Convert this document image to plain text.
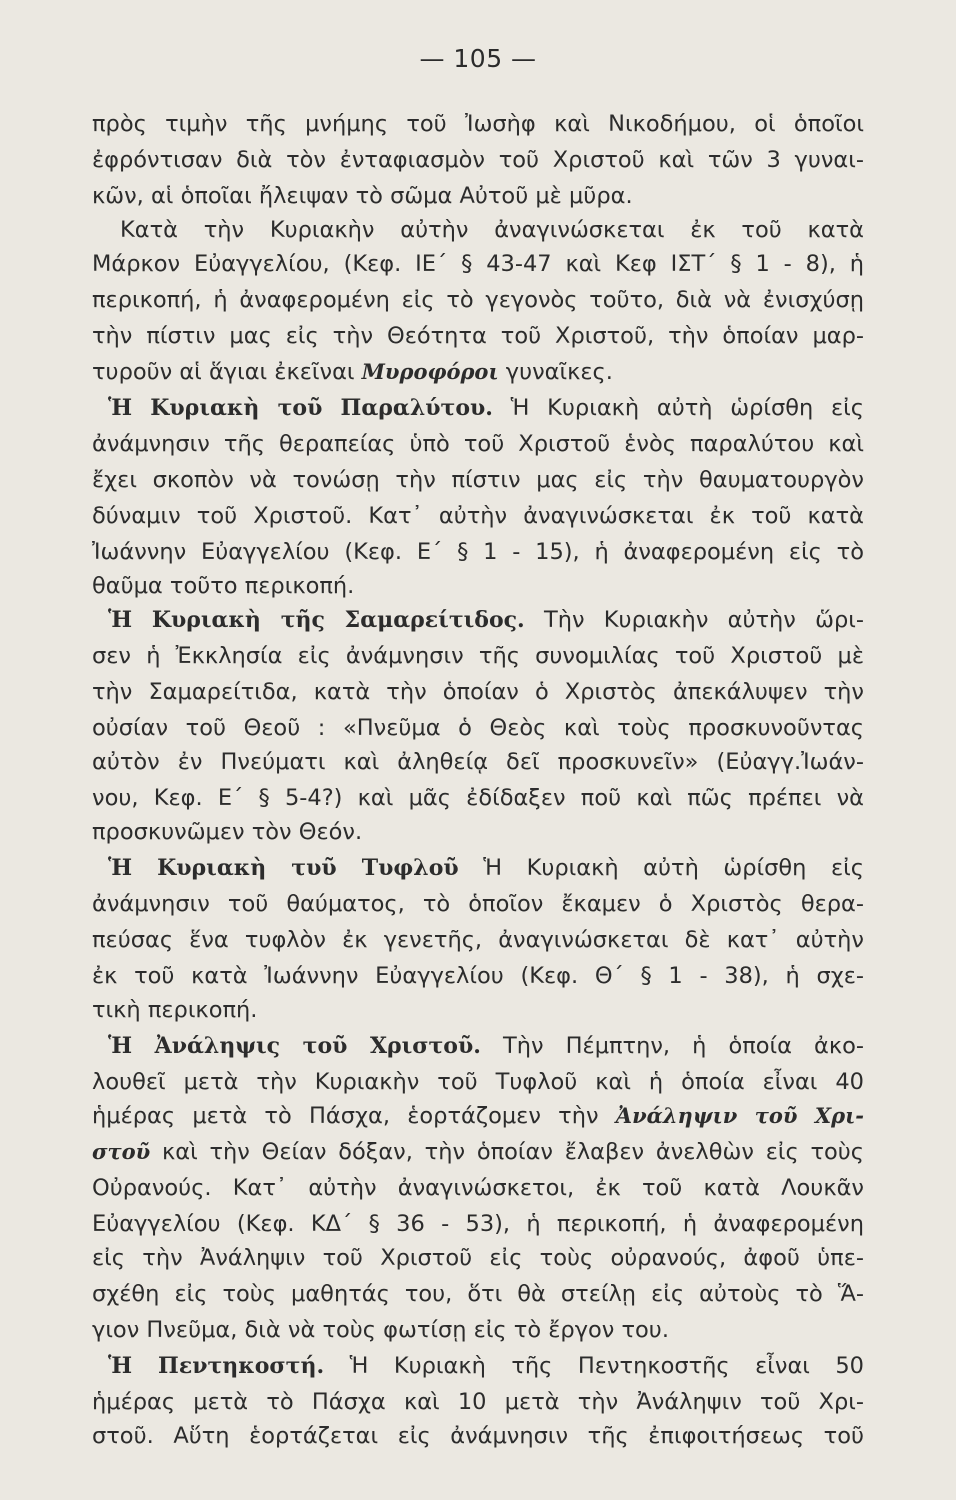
— 105 —
πρὸς τιμὴν τῆς μνήμης τοῦ Ἰωσὴφ καὶ Νικοδήμου, οἱ ὁποῖοι
ἐφρόντισαν διὰ τὸν ἐνταφιασμὸν τοῦ Χριστοῦ καὶ τῶν 3 γυναι-
κῶν, αἱ ὁποῖαι ἤλειψαν τὸ σῶμα Αὐτοῦ μὲ μῦρα.
Κατὰ τὴν Κυριακὴν αὐτὴν ἀναγινώσκεται ἐκ τοῦ κατὰ
Μάρκον Εὐαγγελίου, (Κεφ. ΙΕ΄ § 43-47 καὶ Κεφ ΙΣΤ΄ § 1 - 8), ἡ
περικοπή, ἡ ἀναφερομένη εἰς τὸ γεγονὸς τοῦτο, διὰ νὰ ἐνισχύσῃ
τὴν πίστιν μας εἰς τὴν Θεότητα τοῦ Χριστοῦ, τὴν ὁποίαν μαρ-
τυροῦν αἱ ἅγιαι ἐκεῖναι Μυροφόροι γυναῖκες.
Ἡ Κυριακὴ τοῦ Παραλύτου. Ἡ Κυριακὴ αὐτὴ ὡρίσθη εἰς
ἀνάμνησιν τῆς θεραπείας ὑπὸ τοῦ Χριστοῦ ἑνὸς παραλύτου καὶ
ἔχει σκοπὸν νὰ τονώσῃ τὴν πίστιν μας εἰς τὴν θαυματουργὸν
δύναμιν τοῦ Χριστοῦ. Κατ᾿ αὐτὴν ἀναγινώσκεται ἐκ τοῦ κατὰ
Ἰωάννην Εὐαγγελίου (Κεφ. Ε΄ § 1 - 15), ἡ ἀναφερομένη εἰς τὸ
θαῦμα τοῦτο περικοπή.
Ἡ Κυριακὴ τῆς Σαμαρείτιδος. Τὴν Κυριακὴν αὐτὴν ὥρι-
σεν ἡ Ἐκκλησία εἰς ἀνάμνησιν τῆς συνομιλίας τοῦ Χριστοῦ μὲ
τὴν Σαμαρείτιδα, κατὰ τὴν ὁποίαν ὁ Χριστὸς ἀπεκάλυψεν τὴν
οὐσίαν τοῦ Θεοῦ : «Πνεῦμα ὁ Θεὸς καὶ τοὺς προσκυνοῦντας
αὐτὸν ἐν Πνεύματι καὶ ἀληθείᾳ δεῖ προσκυνεῖν» (Εὐαγγ.Ἰωάν-
νου, Κεφ. Ε΄ § 5-4?) καὶ μᾶς ἐδίδαξεν ποῦ καὶ πῶς πρέπει νὰ
προσκυνῶμεν τὸν Θεόν.
Ἡ Κυριακὴ τυῦ Τυφλοῦ Ἡ Κυριακὴ αὐτὴ ὡρίσθη εἰς
ἀνάμνησιν τοῦ θαύματος, τὸ ὁποῖον ἔκαμεν ὁ Χριστὸς θερα-
πεύσας ἕνα τυφλὸν ἐκ γενετῆς, ἀναγινώσκεται δὲ κατ᾿ αὐτὴν
ἐκ τοῦ κατὰ Ἰωάννην Εὐαγγελίου (Κεφ. Θ΄ § 1 - 38), ἡ σχε-
τικὴ περικοπή.
Ἡ Ἀνάληψις τοῦ Χριστοῦ. Τὴν Πέμπτην, ἡ ὁποία ἀκο-
λουθεῖ μετὰ τὴν Κυριακὴν τοῦ Τυφλοῦ καὶ ἡ ὁποία εἶναι 40
ἡμέρας μετὰ τὸ Πάσχα, ἑορτάζομεν τὴν Ἀνάληψιν τοῦ Χρι-
στοῦ καὶ τὴν Θείαν δόξαν, τὴν ὁποίαν ἔλαβεν ἀνελθὼν εἰς τοὺς
Οὐρανούς. Κατ᾿ αὐτὴν ἀναγινώσκετοι, ἐκ τοῦ κατὰ Λουκᾶν
Εὐαγγελίου (Κεφ. ΚΔ΄ § 36 - 53), ἡ περικοπή, ἡ ἀναφερομένη
εἰς τὴν Ἀνάληψιν τοῦ Χριστοῦ εἰς τοὺς οὐρανούς, ἀφοῦ ὑπε-
σχέθη εἰς τοὺς μαθητάς του, ὅτι θὰ στείλῃ εἰς αὐτοὺς τὸ Ἅ-
γιον Πνεῦμα, διὰ νὰ τοὺς φωτίσῃ εἰς τὸ ἔργον του.
Ἡ Πεντηκοστή. Ἡ Κυριακὴ τῆς Πεντηκοστῆς εἶναι 50
ἡμέρας μετὰ τὸ Πάσχα καὶ 10 μετὰ τὴν Ἀνάληψιν τοῦ Χρι-
στοῦ. Αὕτη ἑορτάζεται εἰς ἀνάμνησιν τῆς ἐπιφοιτήσεως τοῦ
